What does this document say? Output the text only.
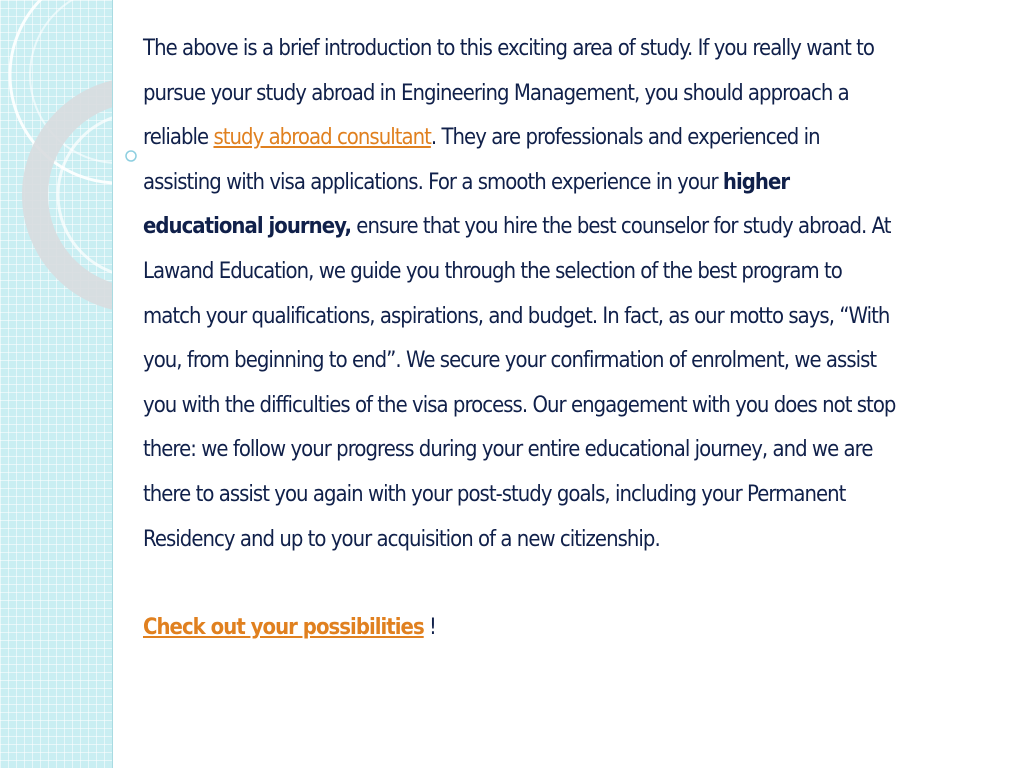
The above is a brief introduction to this exciting area of study. If you really want to pursue your study abroad in Engineering Management, you should approach a reliable study abroad consultant. They are professionals and experienced in assisting with visa applications. For a smooth experience in your higher educational journey, ensure that you hire the best counselor for study abroad. At Lawand Education, we guide you through the selection of the best program to match your qualifications, aspirations, and budget. In fact, as our motto says, “With you, from beginning to end”. We secure your confirmation of enrolment, we assist you with the difficulties of the visa process. Our engagement with you does not stop there: we follow your progress during your entire educational journey, and we are there to assist you again with your post-study goals, including your Permanent Residency and up to your acquisition of a new citizenship.

Check out your possibilities !
